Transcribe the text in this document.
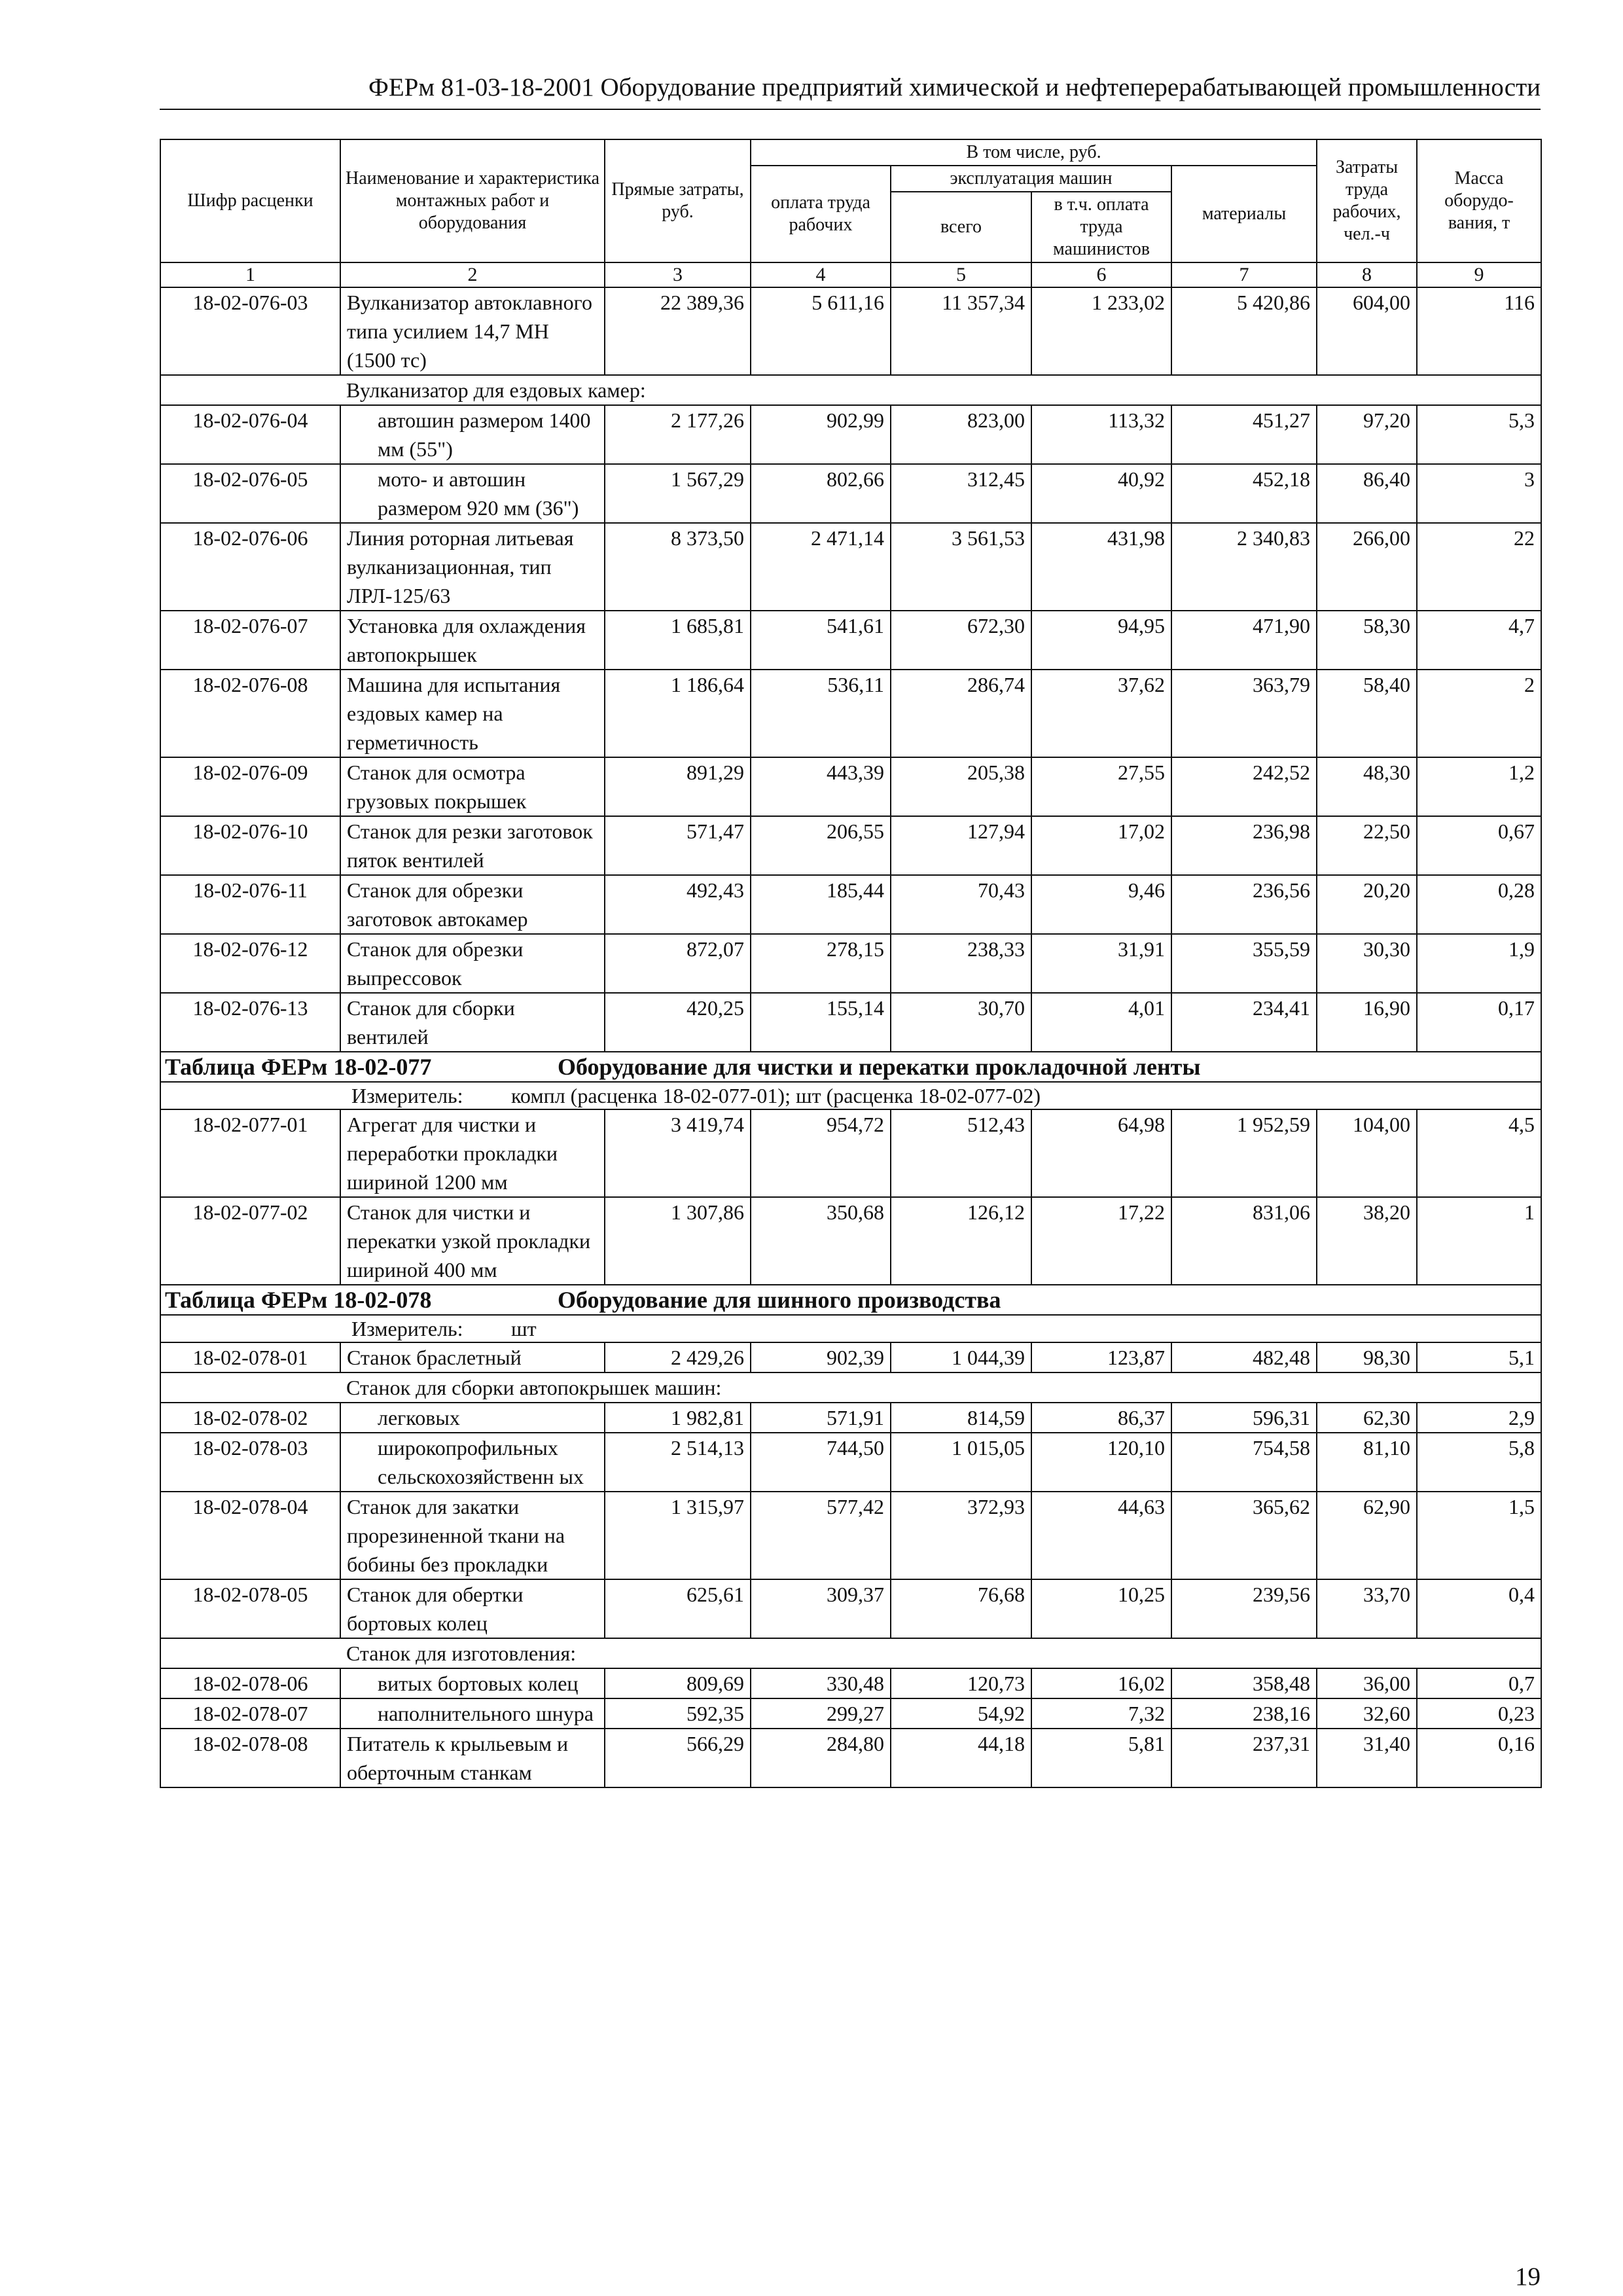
ФЕРм 81-03-18-2001 Оборудование предприятий химической и нефтеперерабатывающей промышленности
Шифр расценки	Наименование и характеристика монтажных работ и оборудования	Прямые затраты, руб.	В том числе, руб.				Затраты труда рабочих, чел.-ч	Масса оборудо-вания, т
			оплата труда рабочих	эксплуатация машин		материалы		
				всего	в т.ч. оплата труда машинистов			
1	2	3	4	5	6	7	8	9
18-02-076-03	Вулканизатор автоклавного типа усилием 14,7 МН (1500 тс)	22 389,36	5 611,16	11 357,34	1 233,02	5 420,86	604,00	116
	Вулканизатор для ездовых камер:							
18-02-076-04	автошин размером 1400 мм (55")	2 177,26	902,99	823,00	113,32	451,27	97,20	5,3
18-02-076-05	мото- и автошин размером 920 мм (36")	1 567,29	802,66	312,45	40,92	452,18	86,40	3
18-02-076-06	Линия роторная литьевая вулканизационная, тип ЛРЛ-125/63	8 373,50	2 471,14	3 561,53	431,98	2 340,83	266,00	22
18-02-076-07	Установка для охлаждения автопокрышек	1 685,81	541,61	672,30	94,95	471,90	58,30	4,7
18-02-076-08	Машина для испытания ездовых камер на герметичность	1 186,64	536,11	286,74	37,62	363,79	58,40	2
18-02-076-09	Станок для осмотра грузовых покрышек	891,29	443,39	205,38	27,55	242,52	48,30	1,2
18-02-076-10	Станок для резки заготовок пяток вентилей	571,47	206,55	127,94	17,02	236,98	22,50	0,67
18-02-076-11	Станок для обрезки заготовок автокамер	492,43	185,44	70,43	9,46	236,56	20,20	0,28
18-02-076-12	Станок для обрезки выпрессовок	872,07	278,15	238,33	31,91	355,59	30,30	1,9
18-02-076-13	Станок для сборки вентилей	420,25	155,14	30,70	4,01	234,41	16,90	0,17
Таблица ФЕРм 18-02-077 Оборудование для чистки и перекатки прокладочной ленты								
Измеритель: компл (расценка 18-02-077-01); шт (расценка 18-02-077-02)								
18-02-077-01	Агрегат для чистки и переработки прокладки шириной 1200 мм	3 419,74	954,72	512,43	64,98	1 952,59	104,00	4,5
18-02-077-02	Станок для чистки и перекатки узкой прокладки шириной 400 мм	1 307,86	350,68	126,12	17,22	831,06	38,20	1
Таблица ФЕРм 18-02-078 Оборудование для шинного производства								
Измеритель: шт								
18-02-078-01	Станок браслетный	2 429,26	902,39	1 044,39	123,87	482,48	98,30	5,1
	Станок для сборки автопокрышек машин:							
18-02-078-02	легковых	1 982,81	571,91	814,59	86,37	596,31	62,30	2,9
18-02-078-03	широкопрофильных сельскохозяйственн ых	2 514,13	744,50	1 015,05	120,10	754,58	81,10	5,8
18-02-078-04	Станок для закатки прорезиненной ткани на бобины без прокладки	1 315,97	577,42	372,93	44,63	365,62	62,90	1,5
18-02-078-05	Станок для обертки бортовых колец	625,61	309,37	76,68	10,25	239,56	33,70	0,4
	Станок для изготовления:							
18-02-078-06	витых бортовых колец	809,69	330,48	120,73	16,02	358,48	36,00	0,7
18-02-078-07	наполнительного шнура	592,35	299,27	54,92	7,32	238,16	32,60	0,23
18-02-078-08	Питатель к крыльевым и оберточным станкам	566,29	284,80	44,18	5,81	237,31	31,40	0,16
19
